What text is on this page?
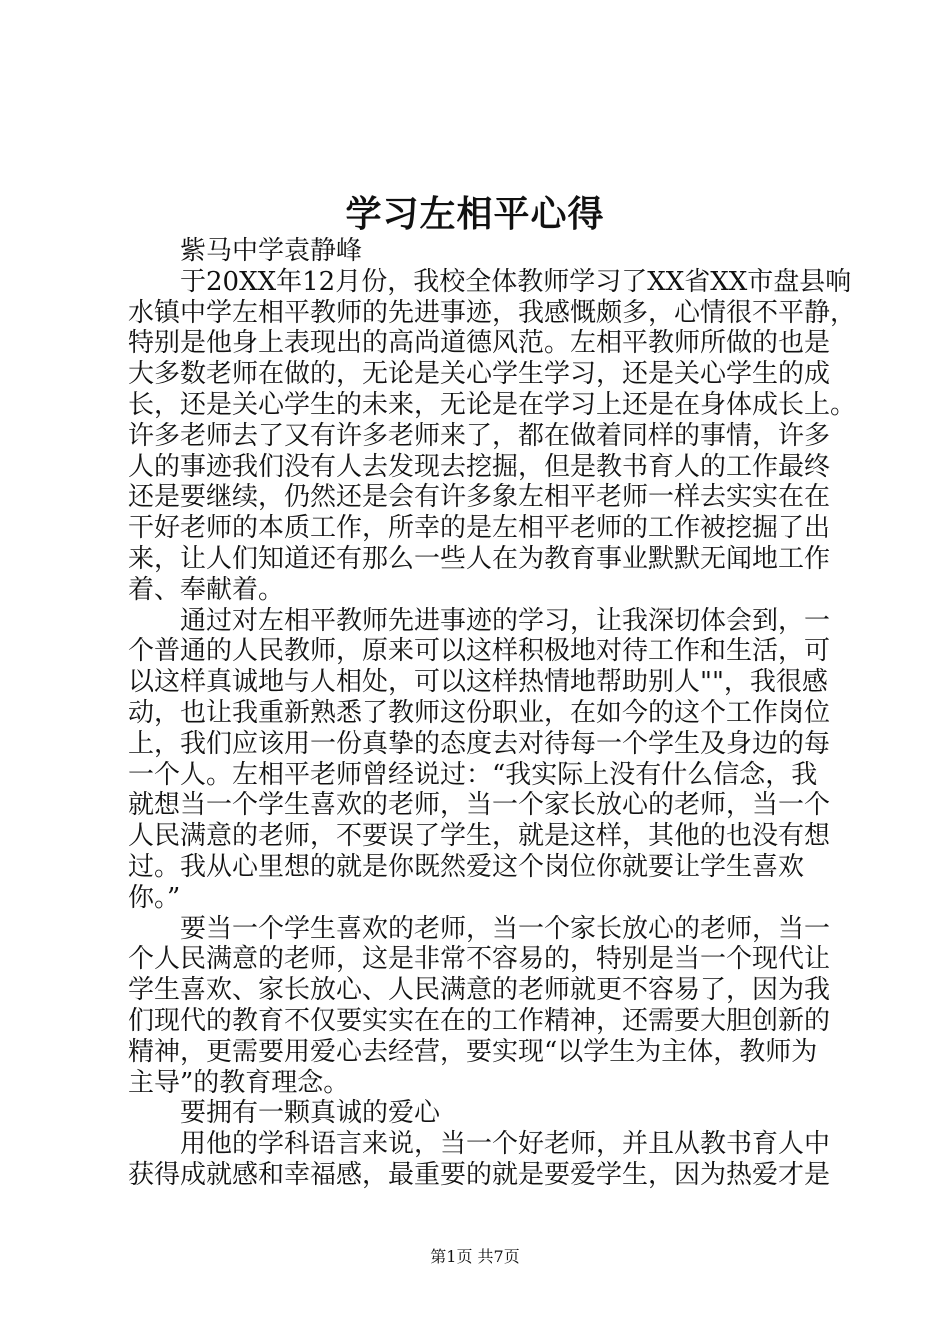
学习左相平心得
紫马中学袁静峰
于20XX年12月份，我校全体教师学习了XX省XX市盘县响
水镇中学左相平教师的先进事迹，我感慨颇多，心情很不平静，
特别是他身上表现出的高尚道德风范。左相平教师所做的也是
大多数老师在做的，无论是关心学生学习，还是关心学生的成
长，还是关心学生的未来，无论是在学习上还是在身体成长上。
许多老师去了又有许多老师来了，都在做着同样的事情，许多
人的事迹我们没有人去发现去挖掘，但是教书育人的工作最终
还是要继续，仍然还是会有许多象左相平老师一样去实实在在
干好老师的本质工作，所幸的是左相平老师的工作被挖掘了出
来，让人们知道还有那么一些人在为教育事业默默无闻地工作
着、奉献着。
通过对左相平教师先进事迹的学习，让我深切体会到，一
个普通的人民教师，原来可以这样积极地对待工作和生活，可
以这样真诚地与人相处，可以这样热情地帮助别人""，我很感
动，也让我重新熟悉了教师这份职业，在如今的这个工作岗位
上，我们应该用一份真挚的态度去对待每一个学生及身边的每
一个人。左相平老师曾经说过：“我实际上没有什么信念，我
就想当一个学生喜欢的老师，当一个家长放心的老师，当一个
人民满意的老师，不要误了学生，就是这样，其他的也没有想
过。我从心里想的就是你既然爱这个岗位你就要让学生喜欢
你。”
要当一个学生喜欢的老师，当一个家长放心的老师，当一
个人民满意的老师，这是非常不容易的，特别是当一个现代让
学生喜欢、家长放心、人民满意的老师就更不容易了，因为我
们现代的教育不仅要实实在在的工作精神，还需要大胆创新的
精神，更需要用爱心去经营，要实现“以学生为主体，教师为
主导”的教育理念。
要拥有一颗真诚的爱心
用他的学科语言来说，当一个好老师，并且从教书育人中
获得成就感和幸福感，最重要的就是要爱学生，因为热爱才是
第1页 共7页
